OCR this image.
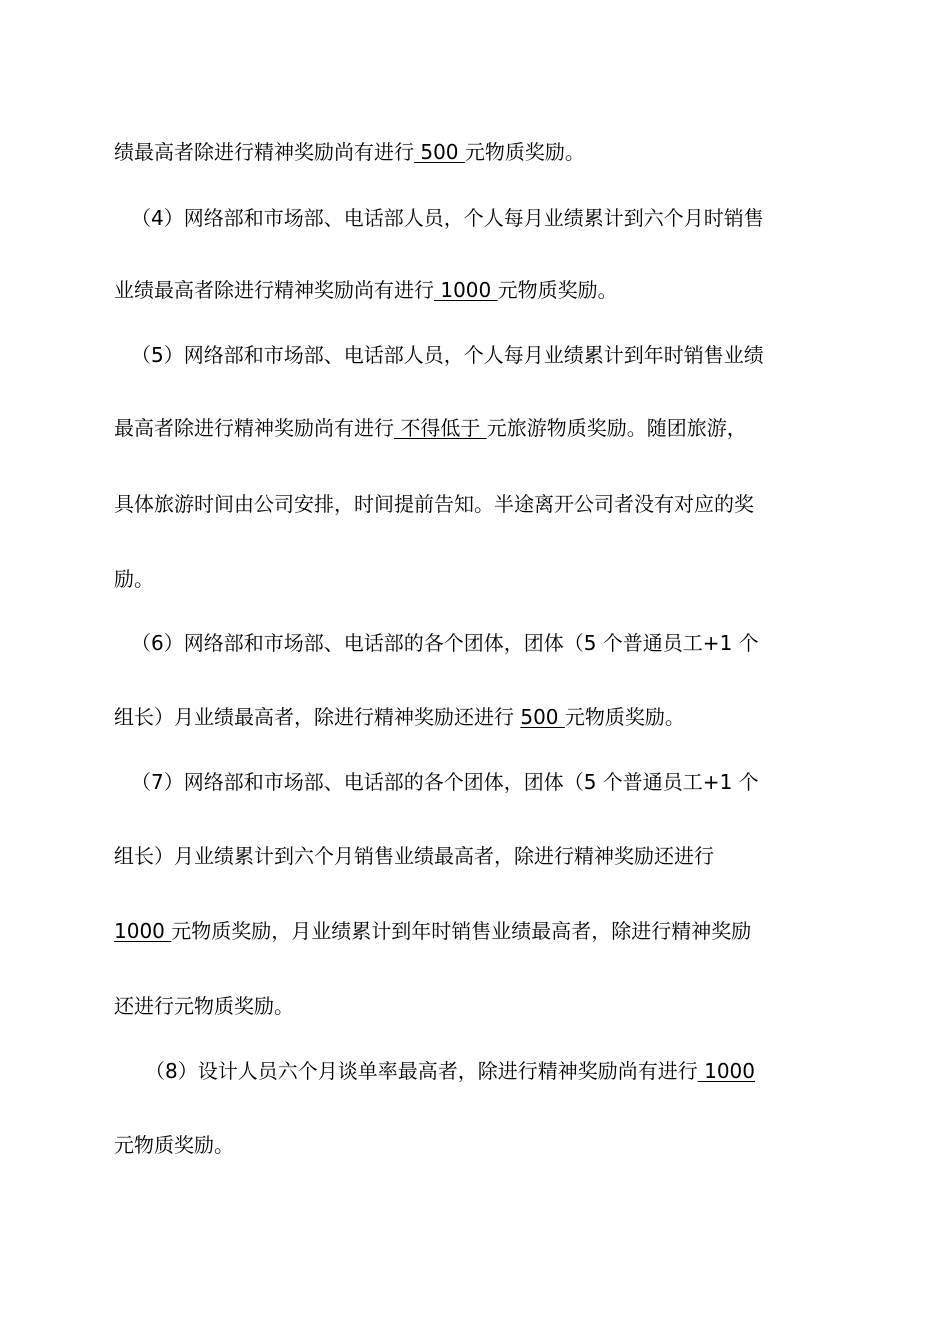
绩最高者除进行精神奖励尚有进行 500 元物质奖励。
（4）网络部和市场部、电话部人员，个人每月业绩累计到六个月时销售
业绩最高者除进行精神奖励尚有进行 1000 元物质奖励。
（5）网络部和市场部、电话部人员，个人每月业绩累计到年时销售业绩
最高者除进行精神奖励尚有进行 不得低于 元旅游物质奖励。随团旅游，
具体旅游时间由公司安排，时间提前告知。半途离开公司者没有对应的奖
励。
（6）网络部和市场部、电话部的各个团体，团体（5 个普通员工+1 个
组长）月业绩最高者，除进行精神奖励还进行 500 元物质奖励。
（7）网络部和市场部、电话部的各个团体，团体（5 个普通员工+1 个
组长）月业绩累计到六个月销售业绩最高者，除进行精神奖励还进行
1000 元物质奖励，月业绩累计到年时销售业绩最高者，除进行精神奖励
还进行元物质奖励。
（8）设计人员六个月谈单率最高者，除进行精神奖励尚有进行 1000
元物质奖励。
